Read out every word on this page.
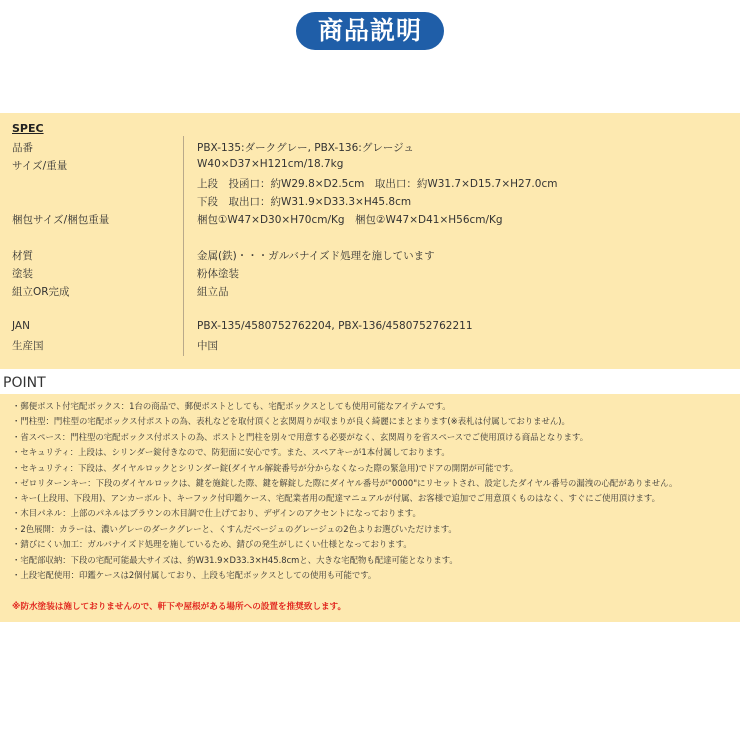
商品説明
SPEC
品番	PBX-135:ダークグレー, PBX-136:グレージュ
サイズ/重量	W40×D37×H121cm/18.7kg
上段　投函口：約W29.8×D2.5cm　取出口：約W31.7×D15.7×H27.0cm
下段　取出口：約W31.9×D33.3×H45.8cm
梱包サイズ/梱包重量	梱包①W47×D30×H70cm/Kg　梱包②W47×D41×H56cm/Kg
材質	金属(鉄)・・・ガルバナイズド処理を施しています
塗装	粉体塗装
組立OR完成	組立品
JAN	PBX-135/4580752762204, PBX-136/4580752762211
生産国	中国
POINT
・郵便ポスト付宅配ボックス：1台の商品で、郵便ポストとしても、宅配ボックスとしても使用可能なアイテムです。
・門柱型：門柱型の宅配ボックス付ポストの為、表札などを取付頂くと玄関周りが収まりが良く綺麗にまとまります(※表札は付属しておりません)。
・省スペース：門柱型の宅配ボックス付ポストの為、ポストと門柱を別々で用意する必要がなく、玄関周りを省スペースでご使用頂ける商品となります。
・セキュリティ：上段は、シリンダー錠付きなので、防犯面に安心です。また、スペアキーが1本付属しております。
・セキュリティ：下段は、ダイヤルロックとシリンダー錠(ダイヤル解錠番号が分からなくなった際の緊急用)でドアの開閉が可能です。
・ゼロリターンキー：下段のダイヤルロックは、鍵を施錠した際、鍵を解錠した際にダイヤル番号が"0000"にリセットされ、設定したダイヤル番号の漏洩の心配がありません。
・キー(上段用、下段用)、アンカーボルト、キーフック付印鑑ケース、宅配業者用の配達マニュアルが付属、お客様で追加でご用意頂くものはなく、すぐにご使用頂けます。
・木目パネル：上部のパネルはブラウンの木目調で仕上げており、デザインのアクセントになっております。
・2色展開：カラーは、濃いグレーのダークグレーと、くすんだベージュのグレージュの2色よりお選びいただけます。
・錆びにくい加工：ガルバナイズド処理を施しているため、錆びの発生がしにくい仕様となっております。
・宅配部収納：下段の宅配可能最大サイズは、約W31.9×D33.3×H45.8cmと、大きな宅配物も配達可能となります。
・上段宅配使用：印鑑ケースは2個付属しており、上段も宅配ボックスとしての使用も可能です。
※防水塗装は施しておりませんので、軒下や屋根がある場所への設置を推奨致します。
